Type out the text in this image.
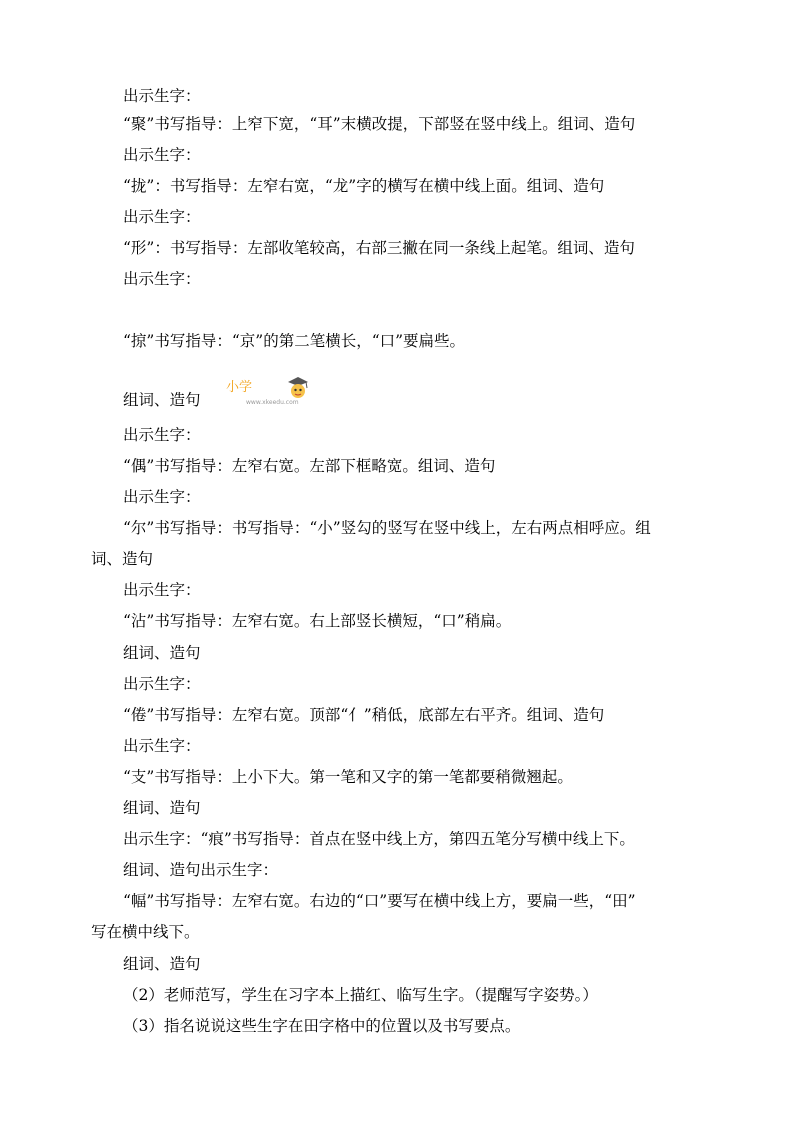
出示生字：
“聚”书写指导：上窄下宽，“耳”末横改提，下部竖在竖中线上。组词、造句
出示生字：
“拢”：书写指导：左窄右宽，“龙”字的横写在横中线上面。组词、造句
出示生字：
“形”：书写指导：左部收笔较高，右部三撇在同一条线上起笔。组词、造句
出示生字：
“掠”书写指导：“京”的第二笔横长，“口”要扁些。
组词、造句
小学
www.xkeedu.com
出示生字：
“偶”书写指导：左窄右宽。左部下框略宽。组词、造句
出示生字：
“尔”书写指导：书写指导：“小”竖勾的竖写在竖中线上，左右两点相呼应。组
词、造句
出示生字：
“沾”书写指导：左窄右宽。右上部竖长横短，“口”稍扁。
组词、造句
出示生字：
“倦”书写指导：左窄右宽。顶部“亻”稍低，底部左右平齐。组词、造句
出示生字：
“支”书写指导：上小下大。第一笔和又字的第一笔都要稍微翘起。
组词、造句
出示生字：“痕”书写指导：首点在竖中线上方，第四五笔分写横中线上下。
组词、造句出示生字：
“幅”书写指导：左窄右宽。右边的“口”要写在横中线上方，要扁一些，“田”
写在横中线下。
组词、造句
（2）老师范写，学生在习字本上描红、临写生字。（提醒写字姿势。）
（3）指名说说这些生字在田字格中的位置以及书写要点。
